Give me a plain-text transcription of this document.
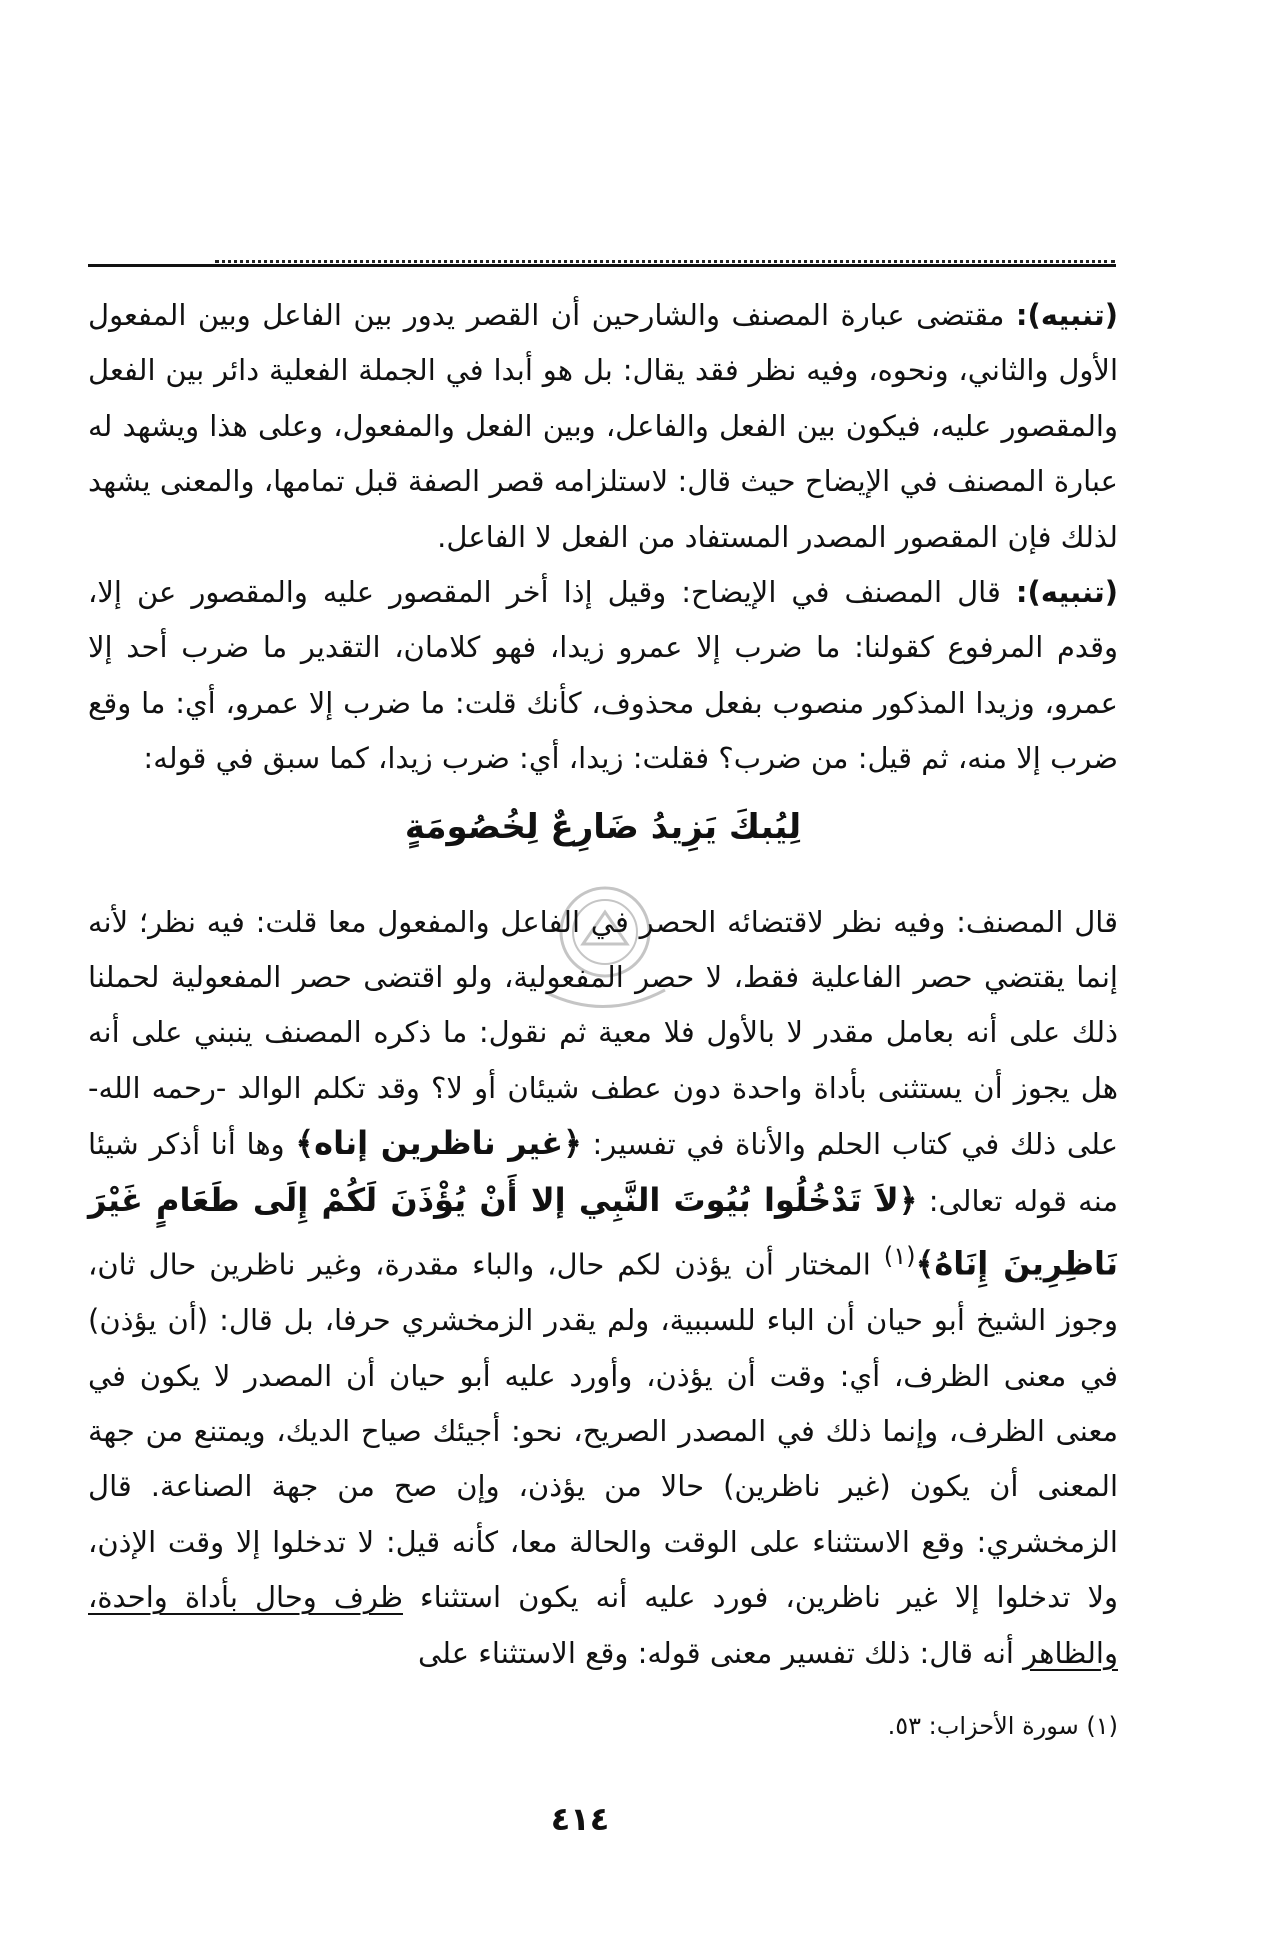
(تنبيه): مقتضى عبارة المصنف والشارحين أن القصر يدور بين الفاعل وبين المفعول الأول والثاني، ونحوه، وفيه نظر فقد يقال: بل هو أبدا في الجملة الفعلية دائر بين الفعل والمقصور عليه، فيكون بين الفعل والفاعل، وبين الفعل والمفعول، وعلى هذا ويشهد له عبارة المصنف في الإيضاح حيث قال: لاستلزامه قصر الصفة قبل تمامها، والمعنى يشهد لذلك فإن المقصور المصدر المستفاد من الفعل لا الفاعل.

(تنبيه): قال المصنف في الإيضاح: وقيل إذا أخر المقصور عليه والمقصور عن إلا، وقدم المرفوع كقولنا: ما ضرب إلا عمرو زيدا، فهو كلامان، التقدير ما ضرب أحد إلا عمرو، وزيدا المذكور منصوب بفعل محذوف، كأنك قلت: ما ضرب إلا عمرو، أي: ما وقع ضرب إلا منه، ثم قيل: من ضرب؟ فقلت: زيدا، أي: ضرب زيدا، كما سبق في قوله:

لِيُبكَ يَزِيدُ ضَارِعٌ لِخُصُومَةٍ

قال المصنف: وفيه نظر لاقتضائه الحصر في الفاعل والمفعول معا قلت: فيه نظر؛ لأنه إنما يقتضي حصر الفاعلية فقط، لا حصر المفعولية، ولو اقتضى حصر المفعولية لحملنا ذلك على أنه بعامل مقدر لا بالأول فلا معية ثم نقول: ما ذكره المصنف ينبني على أنه هل يجوز أن يستثنى بأداة واحدة دون عطف شيئان أو لا؟ وقد تكلم الوالد -رحمه الله- على ذلك في كتاب الحلم والأناة في تفسير: ﴿غير ناظرين إناه﴾ وها أنا أذكر شيئا منه قوله تعالى: ﴿لاَ تَدْخُلُوا بُيُوتَ النَّبِي إلا أَنْ يُؤْذَنَ لَكُمْ إِلَى طَعَامٍ غَيْرَ نَاظِرِينَ إِنَاهُ﴾$^{(١)}$ المختار أن يؤذن لكم حال، والباء مقدرة، وغير ناظرين حال ثان، وجوز الشيخ أبو حيان أن الباء للسببية، ولم يقدر الزمخشري حرفا، بل قال: (أن يؤذن) في معنى الظرف، أي: وقت أن يؤذن، وأورد عليه أبو حيان أن المصدر لا يكون في معنى الظرف، وإنما ذلك في المصدر الصريح، نحو: أجيئك صياح الديك، ويمتنع من جهة المعنى أن يكون (غير ناظرين) حالا من يؤذن، وإن صح من جهة الصناعة. قال الزمخشري: وقع الاستثناء على الوقت والحالة معا، كأنه قيل: لا تدخلوا إلا وقت الإذن، ولا تدخلوا إلا غير ناظرين، فورد عليه أنه يكون استثناء ظرف وحال بأداة واحدة، والظاهر أنه قال: ذلك تفسير معنى قوله: وقع الاستثناء على

(١) سورة الأحزاب: ٥٣.
٤١٤
